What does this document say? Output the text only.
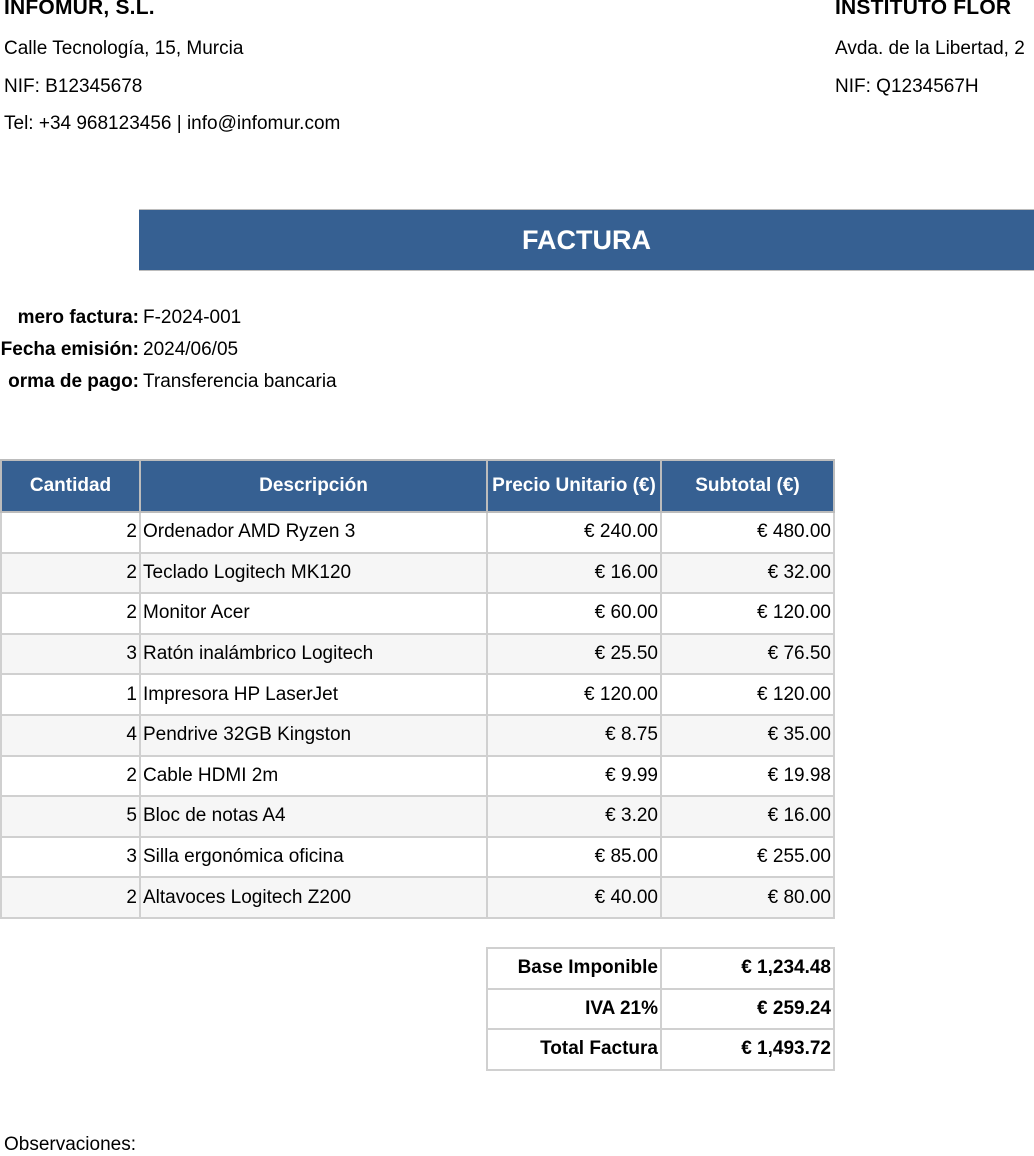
INFOMUR, S.L.
Calle Tecnología, 15, Murcia
NIF: B12345678
Tel: +34 968123456 | info@infomur.com
INSTITUTO FLOR
Avda. de la Libertad, 2
NIF: Q1234567H
FACTURA
mero factura: F-2024-001
Fecha emisión: 2024/06/05
orma de pago: Transferencia bancaria
Cantidad	Descripción	Precio Unitario (€)	Subtotal (€)
2	Ordenador AMD Ryzen 3	€ 240.00	€ 480.00
2	Teclado Logitech MK120	€ 16.00	€ 32.00
2	Monitor Acer	€ 60.00	€ 120.00
3	Ratón inalámbrico Logitech	€ 25.50	€ 76.50
1	Impresora HP LaserJet	€ 120.00	€ 120.00
4	Pendrive 32GB Kingston	€ 8.75	€ 35.00
2	Cable HDMI 2m	€ 9.99	€ 19.98
5	Bloc de notas A4	€ 3.20	€ 16.00
3	Silla ergonómica oficina	€ 85.00	€ 255.00
2	Altavoces Logitech Z200	€ 40.00	€ 80.00
Base Imponible	€ 1,234.48
IVA 21%	€ 259.24
Total Factura	€ 1,493.72
Observaciones:
